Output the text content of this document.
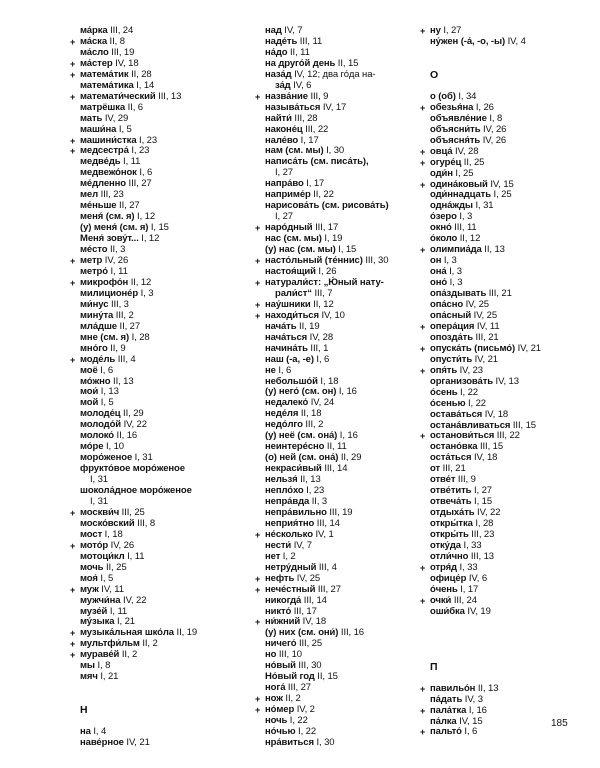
ма́рка III, 24
+ ма́ска II, 8
ма́сло III, 19
+ ма́стер IV, 18
+ матема́тик II, 28
матема́тика I, 14
+ математи́ческий III, 13
матрёшка II, 6
мать IV, 29
маши́на I, 5
+ машини́стка I, 23
+ медсестра́ I, 23
медве́дь I, 11
медвежо́нок I, 6
ме́дленно III, 27
мел III, 23
ме́ньше II, 27
меня́ (см. я) I, 12
(у) меня́ (см. я) I, 15
Меня́ зову́т... I, 12
ме́сто II, 3
+ метр IV, 26
метро́ I, 11
+ микрофо́н II, 12
милиционе́р I, 3
ми́нус III, 3
мину́та III, 2
мла́дше II, 27
мне (см. я) I, 28
мно́го II, 9
+ моде́ль III, 4
моё I, 6
мо́жно II, 13
мои́ I, 13
мой I, 5
молоде́ц II, 29
молодо́й IV, 22
молоко́ II, 16
мо́ре I, 10
моро́женое I, 31
фрукто́вое моро́женое
I, 31
шокола́дное моро́женое
I, 31
+ москви́ч III, 25
моско́вский III, 8
мост I, 18
+ мото́р IV, 26
мотоци́кл I, 11
мочь II, 25
моя́ I, 5
+ муж IV, 11
мужчи́на IV, 22
музе́й I, 11
му́зыка I, 21
+ музыка́льная шко́ла II, 19
+ мультфи́льм II, 2
+ мураве́й II, 2
мы I, 8
мяч I, 21
Н
на I, 4
наве́рное IV, 21
над IV, 7
наде́ть III, 11
на́до II, 11
на друго́й день II, 15
наза́д IV, 12; два го́да на-
за́д IV, 6
+ назва́ние III, 9
называ́ться IV, 17
найти́ III, 28
наконе́ц III, 22
нале́во I, 17
нам (см. мы) I, 30
написа́ть (см. писа́ть),
I, 27
напра́во I, 17
наприме́р II, 22
нарисова́ть (см. рисова́ть)
I, 27
+ наро́дный III, 17
нас (см. мы) I, 19
(у) нас (см. мы) I, 15
+ насто́льный (те́ннис) III, 30
настоя́щий I, 26
+ натурали́ст: „Ю́ный нату-
рали́ст“ III, 7
+ нау́шники II, 12
+ находи́ться IV, 10
нача́ть II, 19
нача́ться IV, 28
начина́ть III, 1
наш (-а, -е) I, 6
не I, 6
небольшо́й I, 18
(у) него́ (см. он) I, 16
недалеко́ IV, 24
неде́ля II, 18
недо́лго III, 2
(у) неё (см. она́) I, 16
неинтере́сно II, 11
(о) ней (см. она́) II, 29
некраси́вый III, 14
нельзя́ II, 13
непло́хо I, 23
непра́вда II, 3
непра́вильно III, 19
неприя́тно III, 14
+ не́сколько IV, 1
нести́ IV, 7
нет I, 2
нетру́дный III, 4
+ нефть IV, 25
+ нече́стный III, 27
никогда́ III, 14
никто́ III, 17
+ ни́жний IV, 18
(у) них (см. они́) III, 16
ничего́ III, 25
но III, 10
но́вый III, 30
Но́вый год II, 15
нога́ III, 27
+ нож II, 2
+ но́мер IV, 2
ночь I, 22
но́чью I, 22
нра́виться I, 30
+ ну I, 27
ну́жен (-а́, -о, -ы) IV, 4
О
о (об) I, 34
+ обезья́на I, 26
объявле́ние I, 8
объясни́ть IV, 26
объясня́ть IV, 26
+ овца́ IV, 28
+ огуре́ц II, 25
оди́н I, 25
+ одина́ковый IV, 15
оди́ннадцать I, 25
одна́жды I, 31
о́зеро I, 3
окно́ III, 11
о́коло II, 12
+ олимпиа́да II, 13
он I, 3
она́ I, 3
оно́ I, 3
опа́здывать III, 21
опа́сно IV, 25
опа́сный IV, 25
+ опера́ция IV, 11
опозда́ть III, 21
+ опуска́ть (письмо́) IV, 21
опусти́ть IV, 21
+ опя́ть IV, 23
организова́ть IV, 13
о́сень I, 22
о́сенью I, 22
остава́ться IV, 18
остана́вливаться III, 15
+ останови́ться III, 22
остано́вка III, 15
оста́ться IV, 18
от III, 21
отве́т III, 9
отве́тить I, 27
отвеча́ть I, 15
отдыха́ть IV, 22
откры́тка I, 28
откры́ть III, 23
отку́да I, 33
отли́чно III, 13
+ отря́д I, 33
офице́р IV, 6
о́чень I, 17
+ очки́ III, 24
оши́бка IV, 19
П
+ павильо́н II, 13
па́дать IV, 3
+ пала́тка I, 16
па́лка IV, 15
+ пальто́ I, 6
185
